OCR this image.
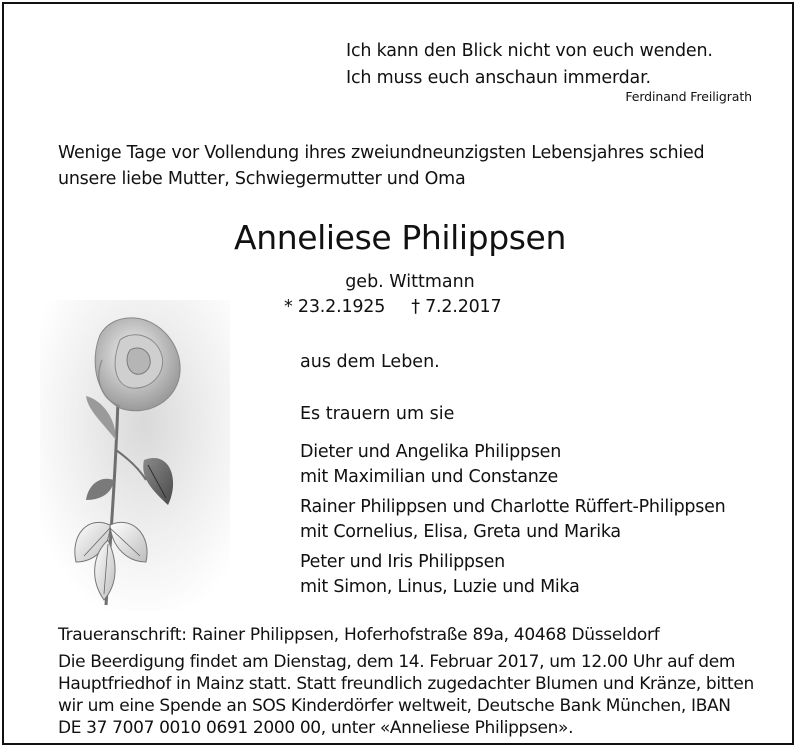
Ich kann den Blick nicht von euch wenden.
Ich muss euch anschaun immerdar.
Ferdinand Freiligrath
Wenige Tage vor Vollendung ihres zweiundneunzigsten Lebensjahres schied
unsere liebe Mutter, Schwiegermutter und Oma
Anneliese Philippsen
geb. Wittmann
* 23.2.1925 † 7.2.2017
aus dem Leben.
Es trauern um sie
Dieter und Angelika Philippsen
mit Maximilian und Constanze
Rainer Philippsen und Charlotte Rüffert-Philippsen
mit Cornelius, Elisa, Greta und Marika
Peter und Iris Philippsen
mit Simon, Linus, Luzie und Mika
Traueranschrift: Rainer Philippsen, Hoferhofstraße 89a, 40468 Düsseldorf
Die Beerdigung findet am Dienstag, dem 14. Februar 2017, um 12.00 Uhr auf dem
Hauptfriedhof in Mainz statt. Statt freundlich zugedachter Blumen und Kränze, bitten
wir um eine Spende an SOS Kinderdörfer weltweit, Deutsche Bank München, IBAN
DE 37 7007 0010 0691 2000 00, unter «Anneliese Philippsen».
